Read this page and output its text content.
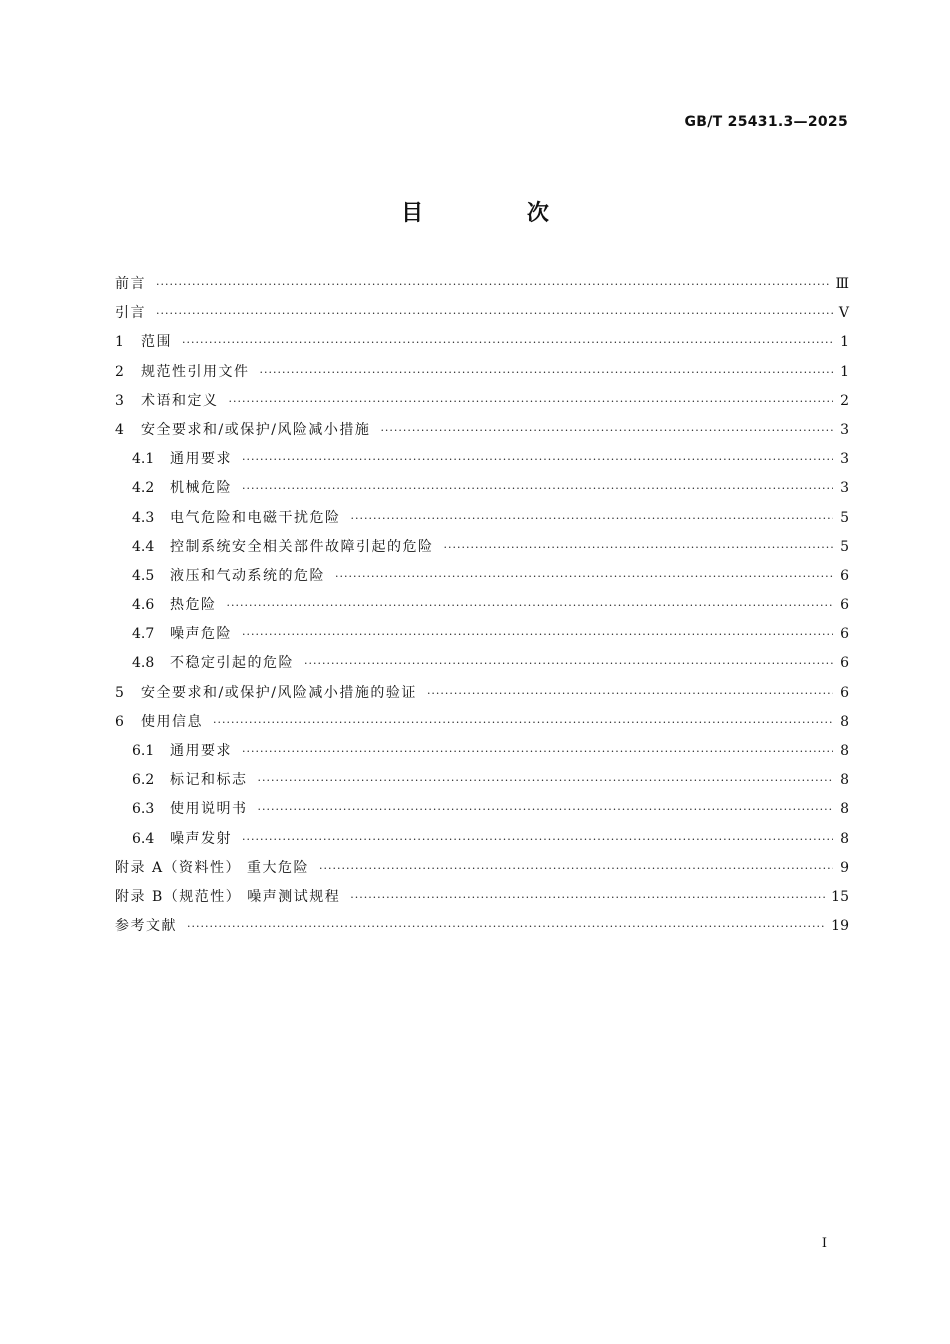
GB/T 25431.3—2025
目 次
前言 ·····	Ⅲ
引言 ·····	Ⅴ
1	范围 ·····	1
2	规范性引用文件 ·····	1
3	术语和定义 ·····	2
4	安全要求和/或保护/风险减小措施 ·····	3
4.1	通用要求 ·····	3
4.2	机械危险 ·····	3
4.3	电气危险和电磁干扰危险 ·····	5
4.4	控制系统安全相关部件故障引起的危险 ·····	5
4.5	液压和气动系统的危险 ·····	6
4.6	热危险 ·····	6
4.7	噪声危险 ·····	6
4.8	不稳定引起的危险 ·····	6
5	安全要求和/或保护/风险减小措施的验证 ·····	6
6	使用信息 ·····	8
6.1	通用要求 ·····	8
6.2	标记和标志 ·····	8
6.3	使用说明书 ·····	8
6.4	噪声发射 ·····	8
附录 A（资料性） 重大危险 ·····	9
附录 B（规范性） 噪声测试规程 ·····	15
参考文献 ·····	19
Ⅰ
